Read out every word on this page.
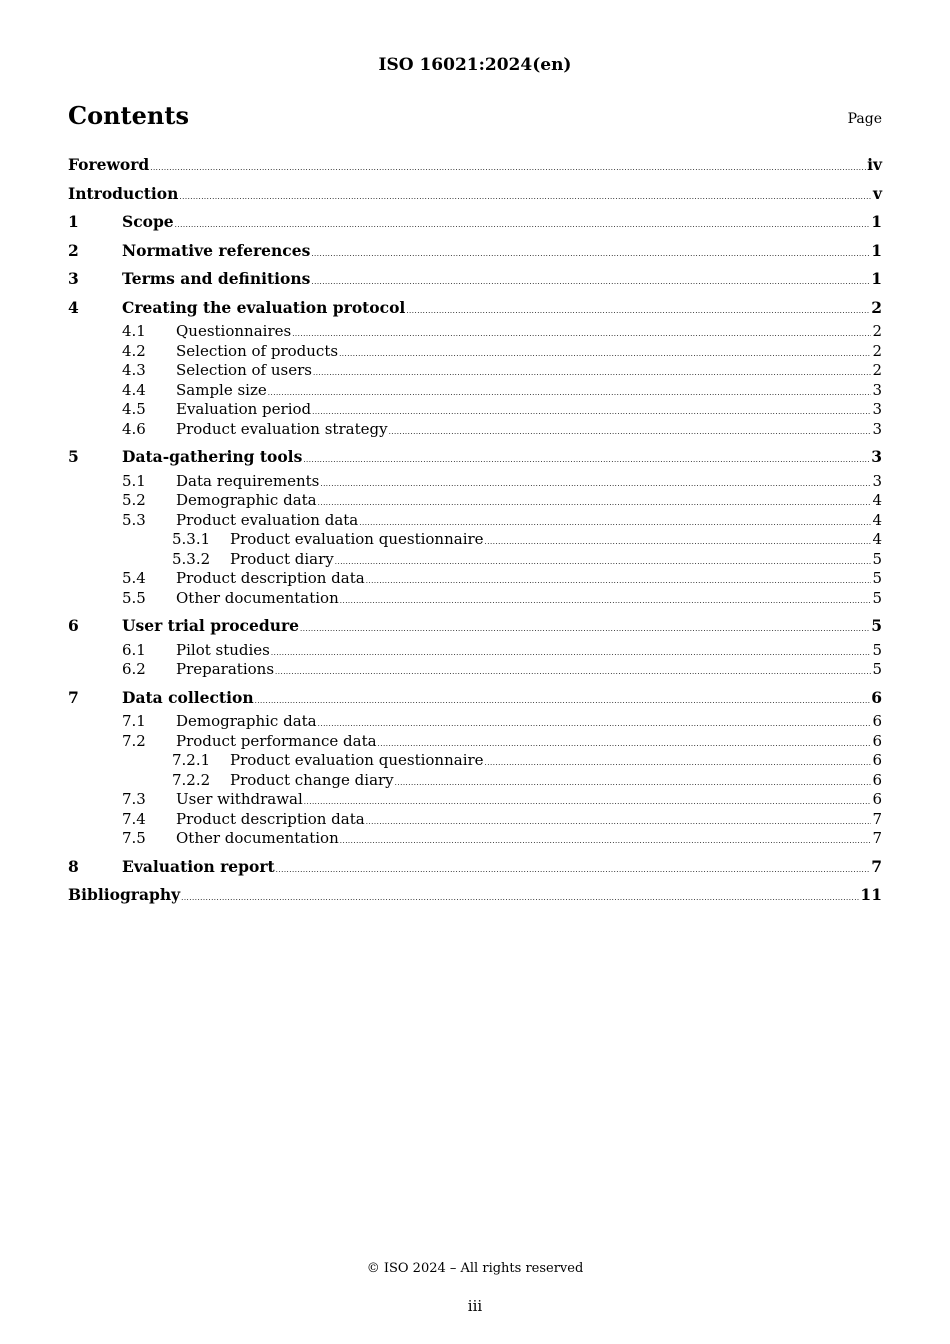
ISO 16021:2024(en)
Contents	Page
Foreword .....	iv
Introduction .....	v
1	Scope .....	1
2	Normative references .....	1
3	Terms and definitions .....	1
4	Creating the evaluation protocol .....	2
4.1	Questionnaires .....	2
4.2	Selection of products .....	2
4.3	Selection of users .....	2
4.4	Sample size .....	3
4.5	Evaluation period .....	3
4.6	Product evaluation strategy .....	3
5	Data-gathering tools .....	3
5.1	Data requirements .....	3
5.2	Demographic data .....	4
5.3	Product evaluation data .....	4
5.3.1	Product evaluation questionnaire .....	4
5.3.2	Product diary .....	5
5.4	Product description data .....	5
5.5	Other documentation .....	5
6	User trial procedure .....	5
6.1	Pilot studies .....	5
6.2	Preparations .....	5
7	Data collection .....	6
7.1	Demographic data .....	6
7.2	Product performance data .....	6
7.2.1	Product evaluation questionnaire .....	6
7.2.2	Product change diary .....	6
7.3	User withdrawal .....	6
7.4	Product description data .....	7
7.5	Other documentation .....	7
8	Evaluation report .....	7
Bibliography .....	11
© ISO 2024 – All rights reserved
iii
